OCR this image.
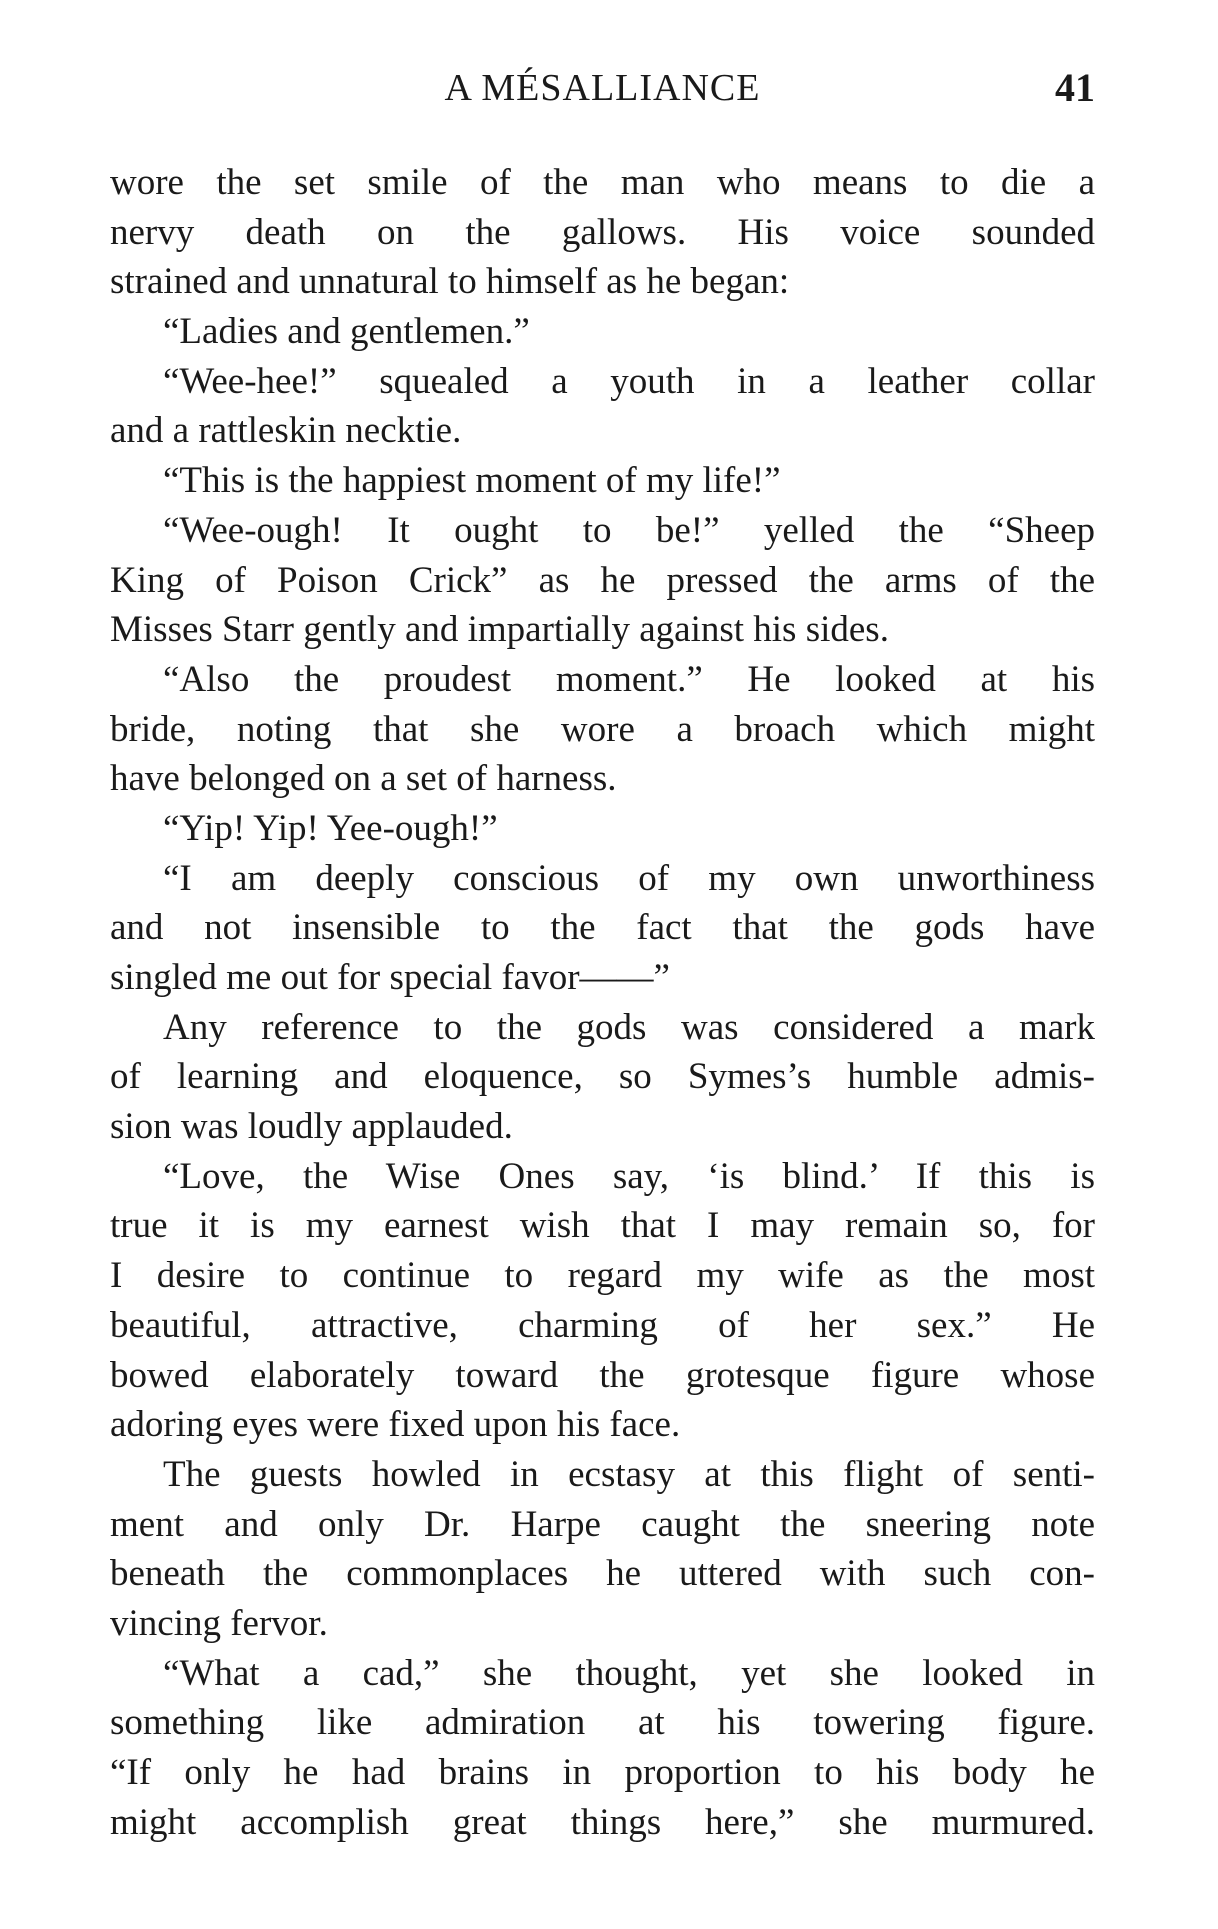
A MÉSALLIANCE	41
wore the set smile of the man who means to die a
nervy death on the gallows. His voice sounded
strained and unnatural to himself as he began:
“Ladies and gentlemen.”
“Wee-hee!” squealed a youth in a leather collar
and a rattleskin necktie.
“This is the happiest moment of my life!”
“Wee-ough! It ought to be!” yelled the “Sheep
King of Poison Crick” as he pressed the arms of the
Misses Starr gently and impartially against his sides.
“Also the proudest moment.” He looked at his
bride, noting that she wore a broach which might
have belonged on a set of harness.
“Yip! Yip! Yee-ough!”
“I am deeply conscious of my own unworthiness
and not insensible to the fact that the gods have
singled me out for special favor——”
Any reference to the gods was considered a mark
of learning and eloquence, so Symes’s humble admis-
sion was loudly applauded.
“Love, the Wise Ones say, ‘is blind.’ If this is
true it is my earnest wish that I may remain so, for
I desire to continue to regard my wife as the most
beautiful, attractive, charming of her sex.” He
bowed elaborately toward the grotesque figure whose
adoring eyes were fixed upon his face.
The guests howled in ecstasy at this flight of senti-
ment and only Dr. Harpe caught the sneering note
beneath the commonplaces he uttered with such con-
vincing fervor.
“What a cad,” she thought, yet she looked in
something like admiration at his towering figure.
“If only he had brains in proportion to his body he
might accomplish great things here,” she murmured.
